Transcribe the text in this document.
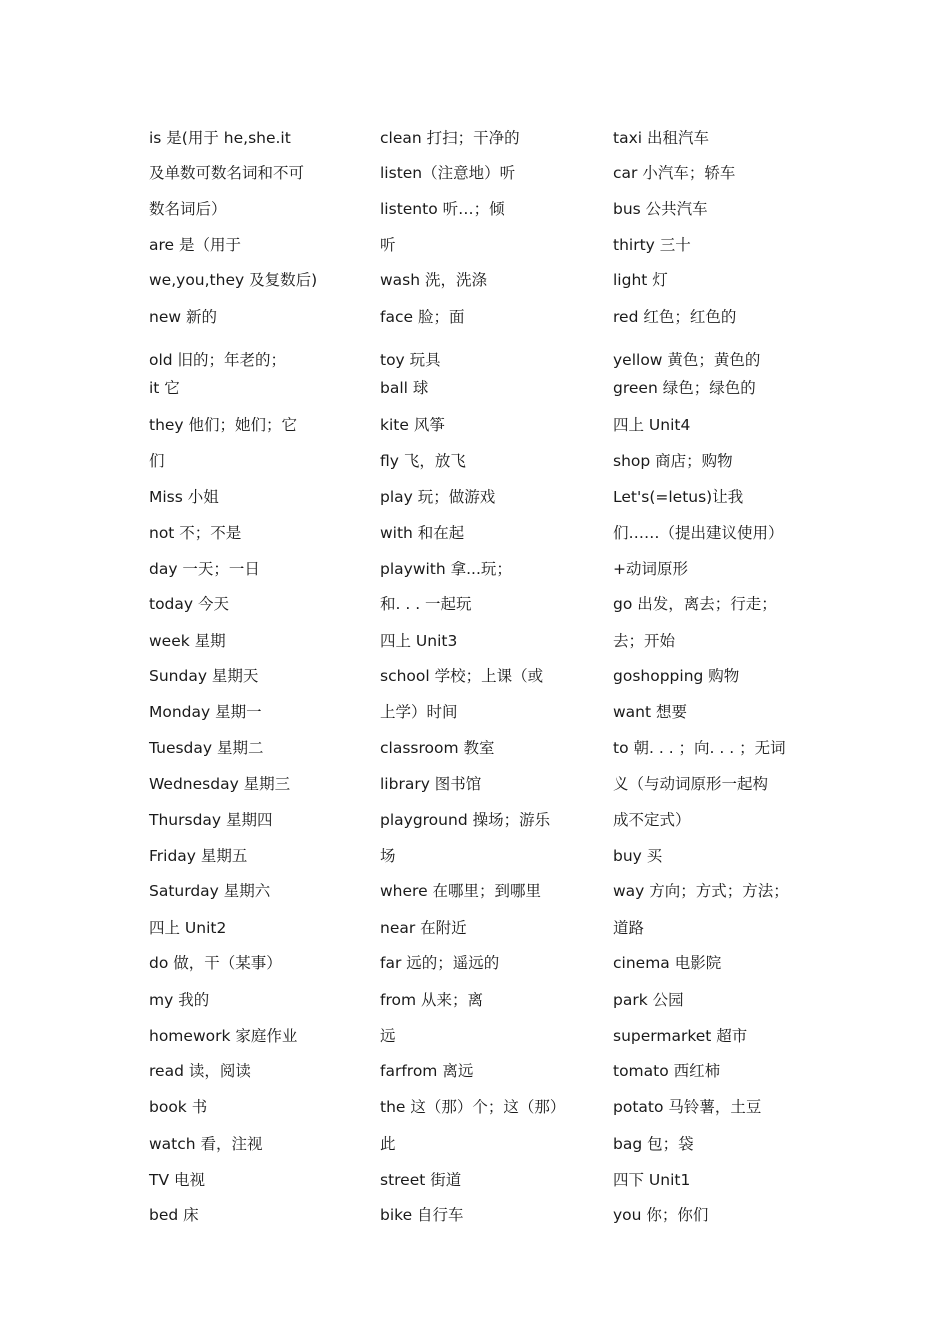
is 是(用于 he,she.it
及单数可数名词和不可
数名词后）
are 是（用于
we,you,they 及复数后)
new 新的
old 旧的；年老的；
it 它
they 他们；她们；它
们
Miss 小姐
not 不；不是
day 一天；一日
today 今天
week 星期
Sunday 星期天
Monday 星期一
Tuesday 星期二
Wednesday 星期三
Thursday 星期四
Friday 星期五
Saturday 星期六
四上 Unit2
do 做，干（某事）
my 我的
homework 家庭作业
read 读，阅读
book 书
watch 看，注视
TV 电视
bed 床
clean 打扫；干净的
listen（注意地）听
listento 听…；倾
听
wash 洗，洗涤
face 脸；面
toy 玩具
ball 球
kite 风筝
fly 飞，放飞
play 玩；做游戏
with 和在起
playwith 拿...玩；
和. . . 一起玩
四上 Unit3
school 学校；上课（或
上学）时间
classroom 教室
library 图书馆
playground 操场；游乐
场
where 在哪里；到哪里
near 在附近
far 远的；遥远的
from 从来；离
远
farfrom 离远
the 这（那）个；这（那）
此
street 街道
bike 自行车
taxi 出租汽车
car 小汽车；轿车
bus 公共汽车
thirty 三十
light 灯
red 红色；红色的
yellow 黄色；黄色的
green 绿色；绿色的
四上 Unit4
shop 商店；购物
Let's(=letus)让我
们……（提出建议使用）
+动词原形
go 出发，离去；行走；
去；开始
goshopping 购物
want 想要
to 朝. . . ；向. . . ；无词
义（与动词原形一起构
成不定式）
buy 买
way 方向；方式；方法；
道路
cinema 电影院
park 公园
supermarket 超市
tomato 西红柿
potato 马铃薯，土豆
bag 包；袋
四下 Unit1
you 你；你们
